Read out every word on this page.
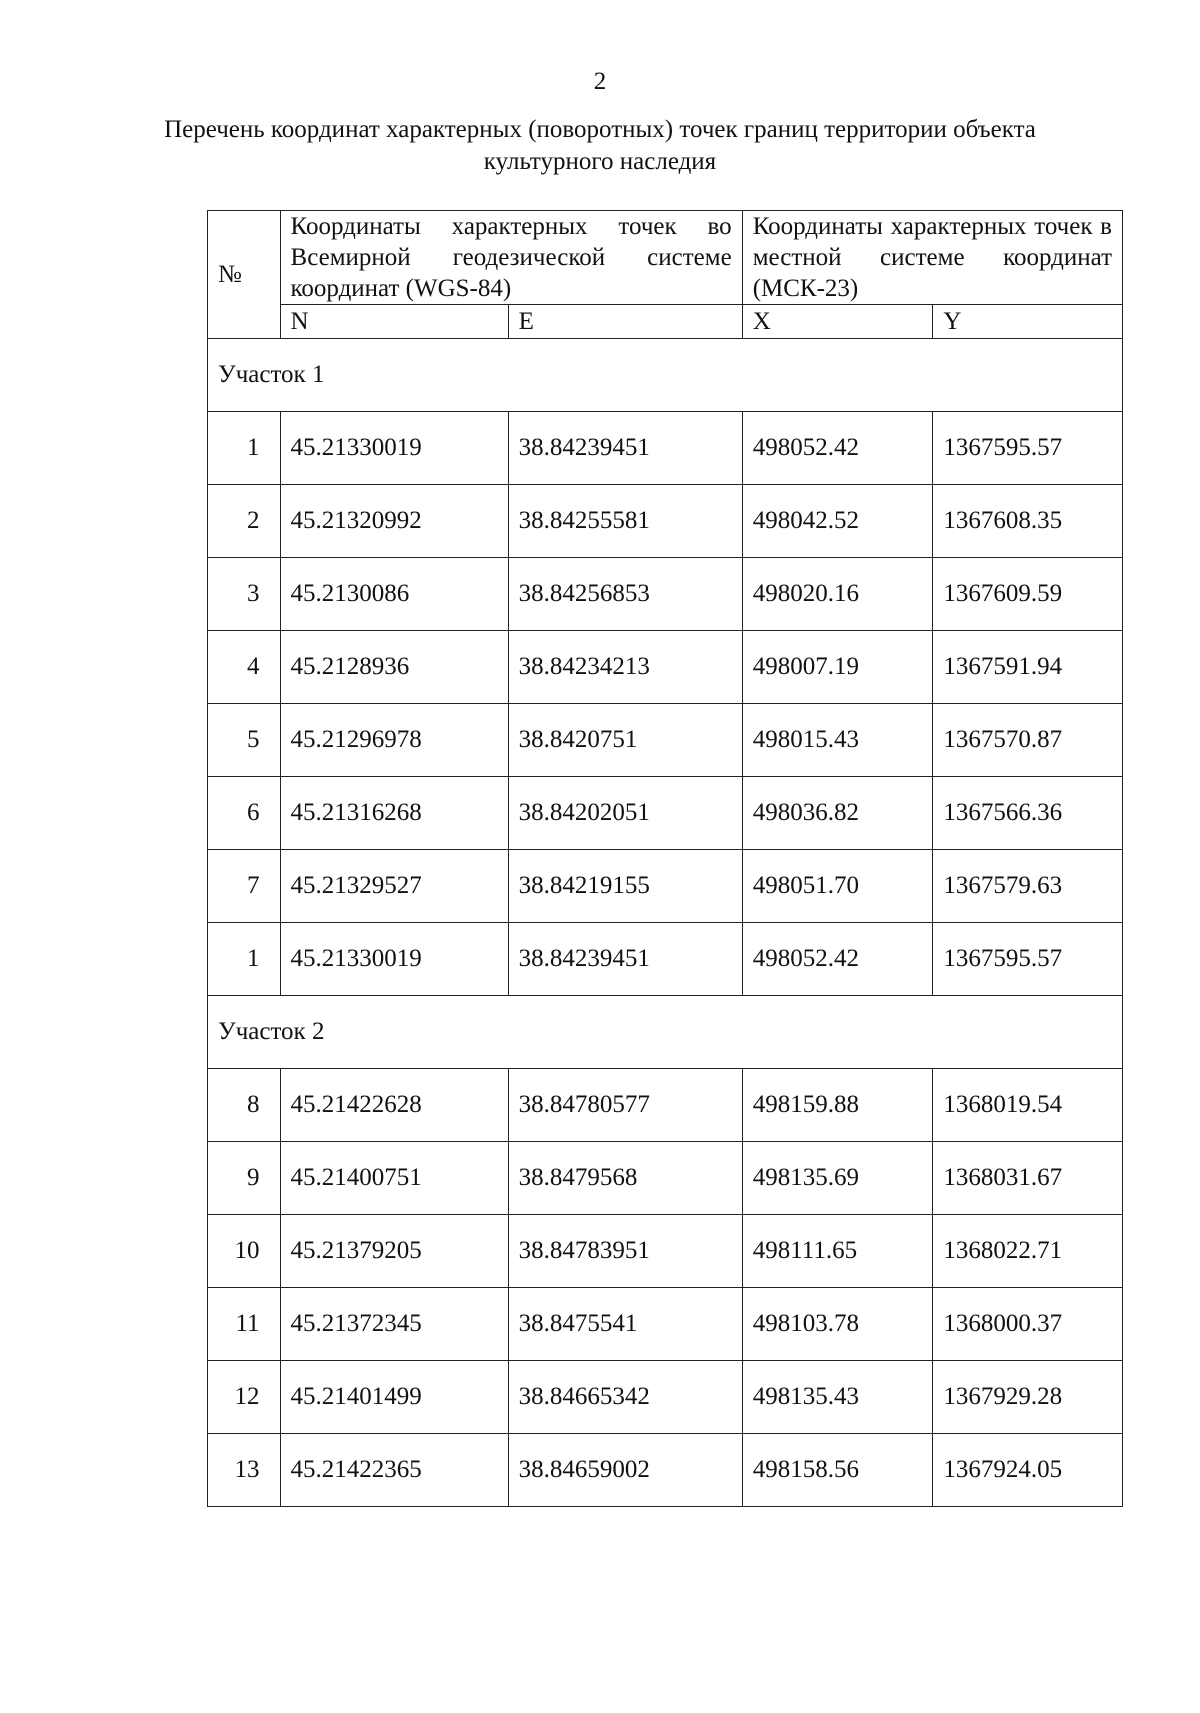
2
Перечень координат характерных (поворотных) точек границ территории объекта культурного наследия
№	Координаты характерных точек во Всемирной геодезической системе координат (WGS-84)		Координаты характерных точек в местной системе координат (МСК-23)	
	N	E	X	Y
Участок 1				
1	45.21330019	38.84239451	498052.42	1367595.57
2	45.21320992	38.84255581	498042.52	1367608.35
3	45.2130086	38.84256853	498020.16	1367609.59
4	45.2128936	38.84234213	498007.19	1367591.94
5	45.21296978	38.8420751	498015.43	1367570.87
6	45.21316268	38.84202051	498036.82	1367566.36
7	45.21329527	38.84219155	498051.70	1367579.63
1	45.21330019	38.84239451	498052.42	1367595.57
Участок 2				
8	45.21422628	38.84780577	498159.88	1368019.54
9	45.21400751	38.8479568	498135.69	1368031.67
10	45.21379205	38.84783951	498111.65	1368022.71
11	45.21372345	38.8475541	498103.78	1368000.37
12	45.21401499	38.84665342	498135.43	1367929.28
13	45.21422365	38.84659002	498158.56	1367924.05
